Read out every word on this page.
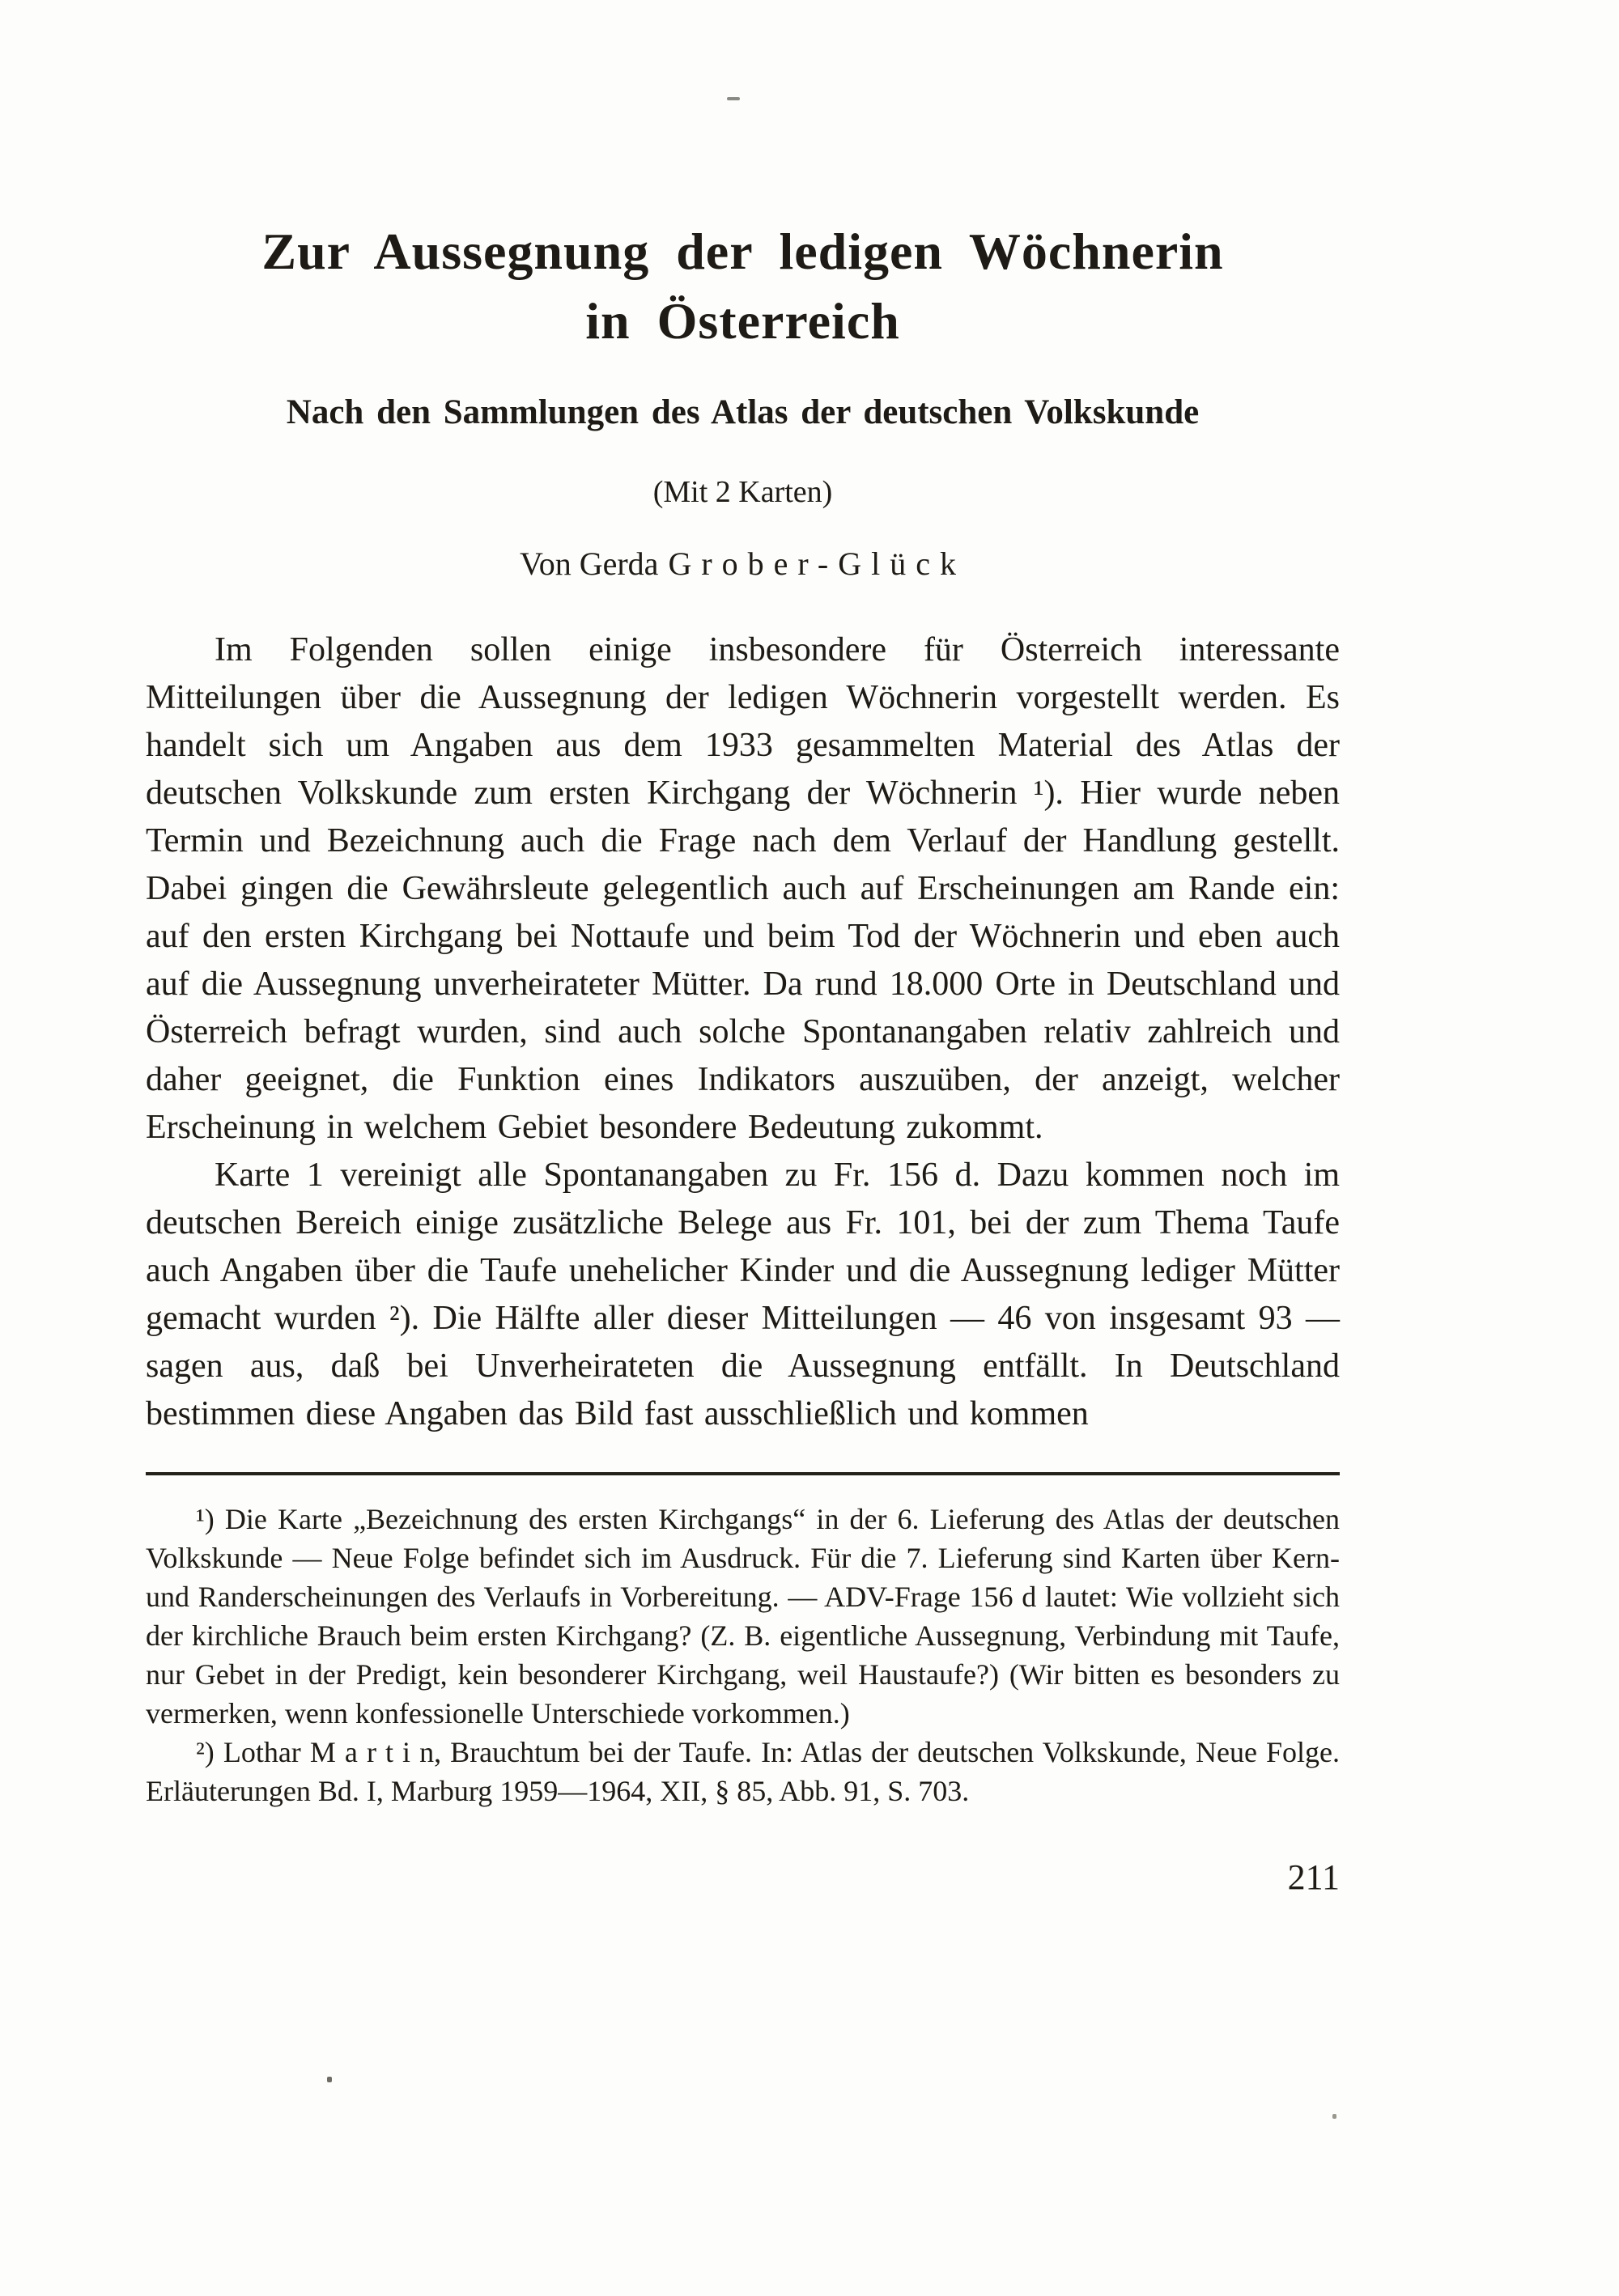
Zur Aussegnung der ledigen Wöchnerin
in Österreich
Nach den Sammlungen des Atlas der deutschen Volkskunde
(Mit 2 Karten)
Von Gerda Grober-Glück

Im Folgenden sollen einige insbesondere für Österreich interessante Mitteilungen über die Aussegnung der ledigen Wöchnerin vorgestellt werden. Es handelt sich um Angaben aus dem 1933 gesammelten Material des Atlas der deutschen Volkskunde zum ersten Kirchgang der Wöchnerin ¹). Hier wurde neben Termin und Bezeichnung auch die Frage nach dem Verlauf der Handlung gestellt. Dabei gingen die Gewährsleute gelegentlich auch auf Erscheinungen am Rande ein: auf den ersten Kirchgang bei Nottaufe und beim Tod der Wöchnerin und eben auch auf die Aussegnung unverheirateter Mütter. Da rund 18.000 Orte in Deutschland und Österreich befragt wurden, sind auch solche Spontanangaben relativ zahlreich und daher geeignet, die Funktion eines Indikators auszuüben, der anzeigt, welcher Erscheinung in welchem Gebiet besondere Bedeutung zukommt.

Karte 1 vereinigt alle Spontanangaben zu Fr. 156 d. Dazu kommen noch im deutschen Bereich einige zusätzliche Belege aus Fr. 101, bei der zum Thema Taufe auch Angaben über die Taufe unehelicher Kinder und die Aussegnung lediger Mütter gemacht wurden ²). Die Hälfte aller dieser Mitteilungen — 46 von insgesamt 93 — sagen aus, daß bei Unverheirateten die Aussegnung entfällt. In Deutschland bestimmen diese Angaben das Bild fast ausschließlich und kommen

¹) Die Karte „Bezeichnung des ersten Kirchgangs“ in der 6. Lieferung des Atlas der deutschen Volkskunde — Neue Folge befindet sich im Ausdruck. Für die 7. Lieferung sind Karten über Kern- und Randerscheinungen des Verlaufs in Vorbereitung. — ADV-Frage 156 d lautet: Wie vollzieht sich der kirchliche Brauch beim ersten Kirchgang? (Z. B. eigentliche Aussegnung, Verbindung mit Taufe, nur Gebet in der Predigt, kein besonderer Kirchgang, weil Haustaufe?) (Wir bitten es besonders zu vermerken, wenn konfessionelle Unterschiede vorkommen.)

²) Lothar M a r t i n, Brauchtum bei der Taufe. In: Atlas der deutschen Volkskunde, Neue Folge. Erläuterungen Bd. I, Marburg 1959—1964, XII, § 85, Abb. 91, S. 703.

211
